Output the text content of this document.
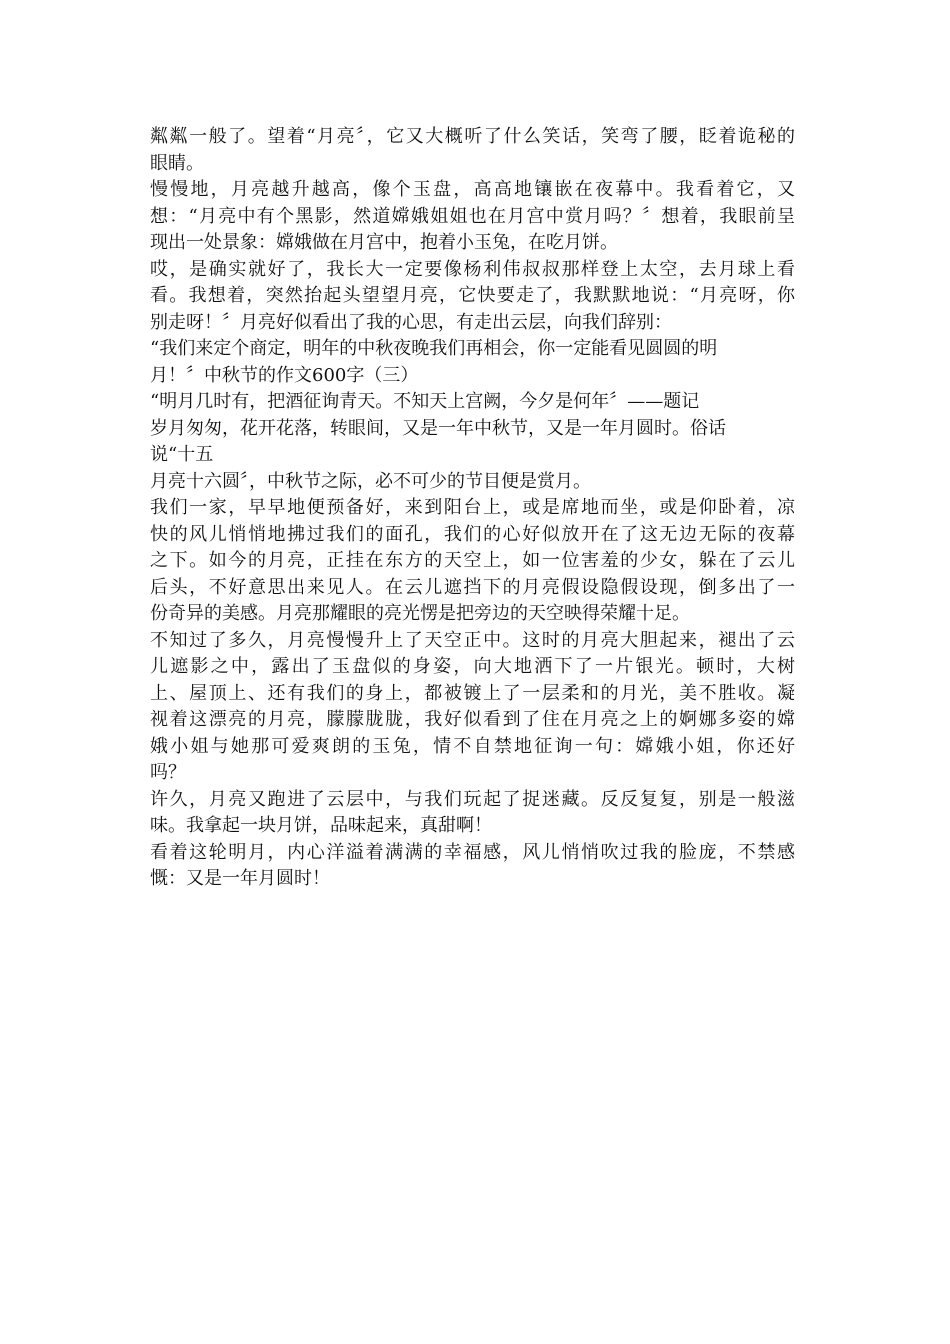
粼粼一般了。望着“月亮〞，它又大概听了什么笑话，笑弯了腰，眨着诡秘的
眼睛。
慢慢地，月亮越升越高，像个玉盘，高高地镶嵌在夜幕中。我看着它，又
想：“月亮中有个黑影，然道嫦娥姐姐也在月宫中赏月吗？〞想着，我眼前呈
现出一处景象：嫦娥做在月宫中，抱着小玉兔，在吃月饼。
哎，是确实就好了，我长大一定要像杨利伟叔叔那样登上太空，去月球上看
看。我想着，突然抬起头望望月亮，它快要走了，我默默地说：“月亮呀，你
别走呀！〞月亮好似看出了我的心思，有走出云层，向我们辞别：
“我们来定个商定，明年的中秋夜晚我们再相会，你一定能看见圆圆的明
月！〞中秋节的作文600字（三）
“明月几时有，把酒征询青天。不知天上宫阙，今夕是何年〞——题记
岁月匆匆，花开花落，转眼间，又是一年中秋节，又是一年月圆时。俗话
说“十五
月亮十六圆〞，中秋节之际，必不可少的节目便是赏月。
我们一家，早早地便预备好，来到阳台上，或是席地而坐，或是仰卧着，凉
快的风儿悄悄地拂过我们的面孔，我们的心好似放开在了这无边无际的夜幕
之下。如今的月亮，正挂在东方的天空上，如一位害羞的少女，躲在了云儿
后头，不好意思出来见人。在云儿遮挡下的月亮假设隐假设现，倒多出了一
份奇异的美感。月亮那耀眼的亮光愣是把旁边的天空映得荣耀十足。
不知过了多久，月亮慢慢升上了天空正中。这时的月亮大胆起来，褪出了云
儿遮影之中，露出了玉盘似的身姿，向大地洒下了一片银光。顿时，大树
上、屋顶上、还有我们的身上，都被镀上了一层柔和的月光，美不胜收。凝
视着这漂亮的月亮，朦朦胧胧，我好似看到了住在月亮之上的婀娜多姿的嫦
娥小姐与她那可爱爽朗的玉兔，情不自禁地征询一句：嫦娥小姐，你还好
吗？
许久，月亮又跑进了云层中，与我们玩起了捉迷藏。反反复复，别是一般滋
味。我拿起一块月饼，品味起来，真甜啊！
看着这轮明月，内心洋溢着满满的幸福感，风儿悄悄吹过我的脸庞，不禁感
慨：又是一年月圆时！
